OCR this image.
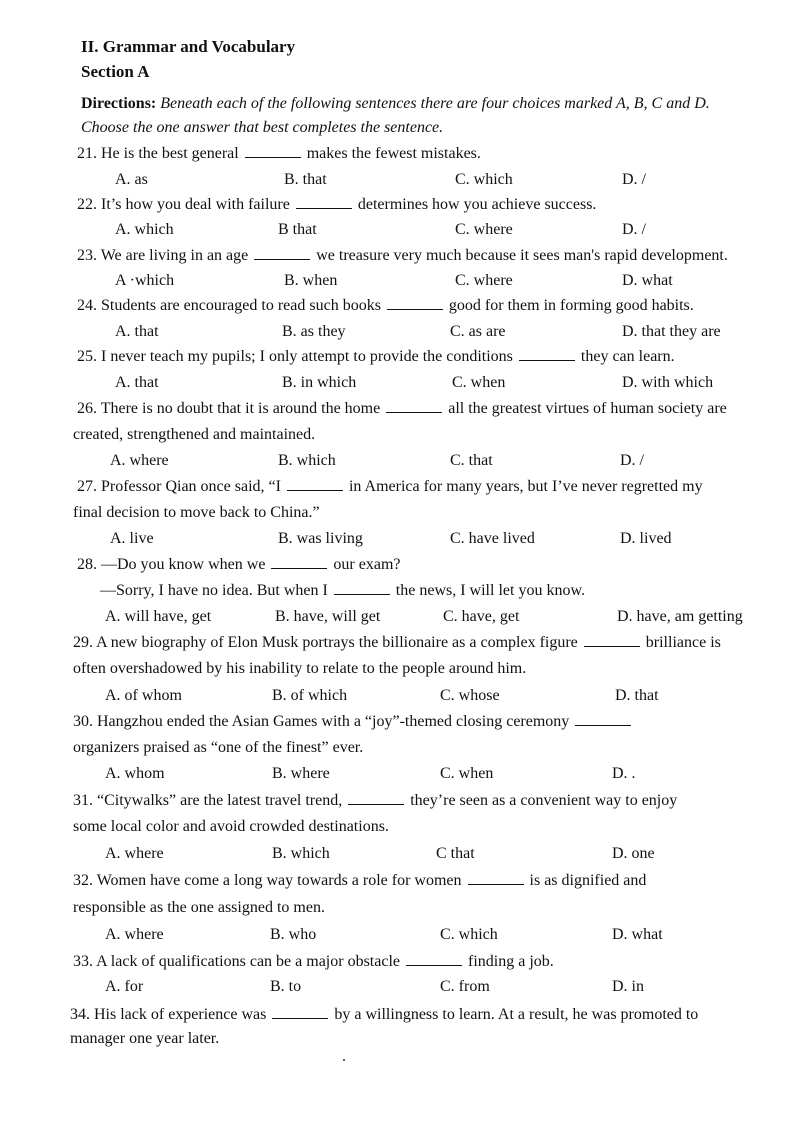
II. Grammar and Vocabulary
Section A
Directions: Beneath each of the following sentences there are four choices marked A, B, C and D.
Choose the one answer that best completes the sentence.
21. He is the best general	makes the fewest mistakes.
A. as	B. that	C. which	D. /
22. It’s how you deal with failure	determines how you achieve success.
A. which	B that	C. where	D. /
23. We are living in an age	we treasure very much because it sees man's rapid development.
A ·which	B. when	C. where	D. what
24. Students are encouraged to read such books	good for them in forming good habits.
A. that	B. as they	C. as are	D. that they are
25. I never teach my pupils; I only attempt to provide the conditions	they can learn.
A. that	B. in which	C. when	D. with which
26. There is no doubt that it is around the home	all the greatest virtues of human society are
created, strengthened and maintained.
A. where	B. which	C. that	D. /
27. Professor Qian once said, “I	in America for many years, but I’ve never regretted my
final decision to move back to China.”
A. live	B. was living	C. have lived	D. lived
28. —Do you know when we	our exam?
—Sorry, I have no idea. But when I	the news, I will let you know.
A. will have, get	B. have, will get	C. have, get	D. have, am getting
29. A new biography of Elon Musk portrays the billionaire as a complex figure	brilliance is
often overshadowed by his inability to relate to the people around him.
A. of whom	B. of which	C. whose	D. that
30. Hangzhou ended the Asian Games with a “joy”-themed closing ceremony
organizers praised as “one of the finest” ever.
A. whom	B. where	C. when	D. .
31. “Citywalks” are the latest travel trend,	they’re seen as a convenient way to enjoy
some local color and avoid crowded destinations.
A. where	B. which	C that	D. one
32. Women have come a long way towards a role for women	is as dignified and
responsible as the one assigned to men.
A. where	B. who	C. which	D. what
33. A lack of qualifications can be a major obstacle	finding a job.
A. for	B. to	C. from	D. in
34. His lack of experience was	by a willingness to learn. At a result, he was promoted to
manager one year later.
